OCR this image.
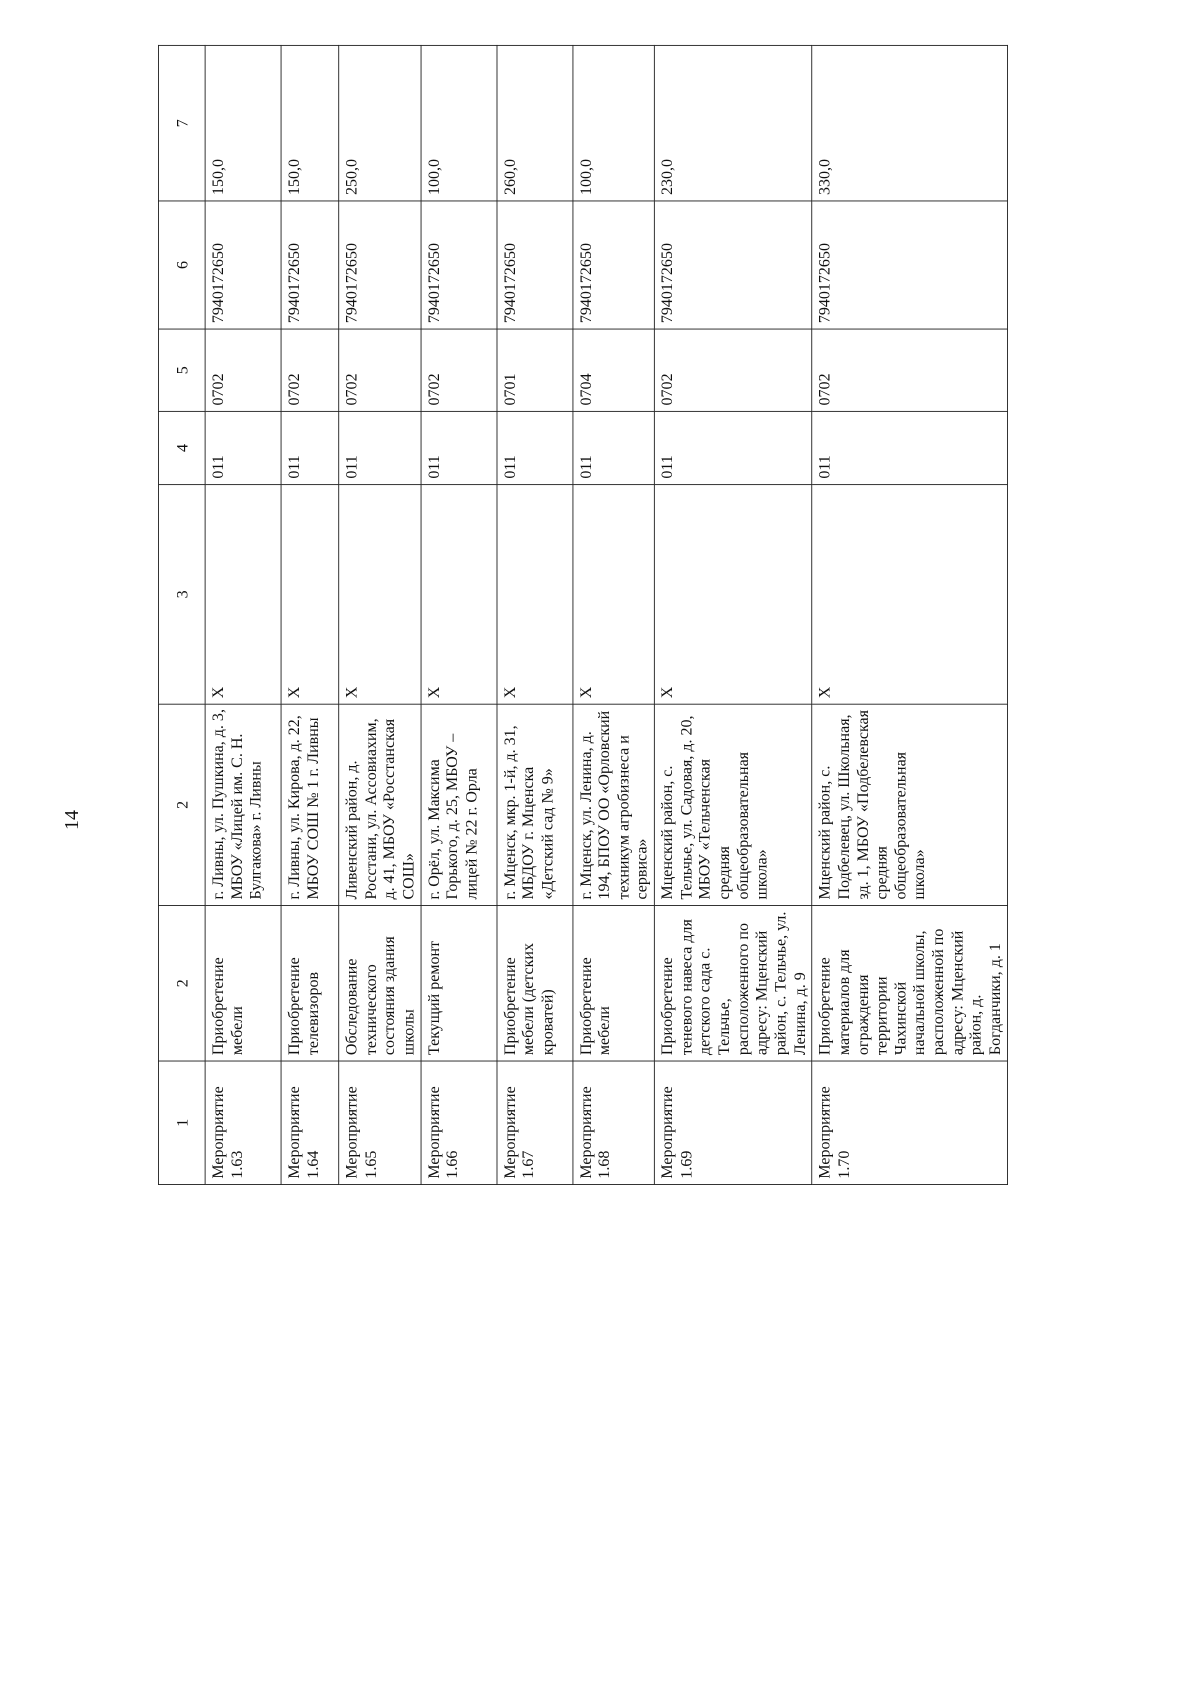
14
1	2	2	3	4	5	6	7
Мероприятие 1.63	Приобретение мебели	г. Ливны, ул. Пушкина, д. 3, МБОУ «Лицей им. С. Н. Булгакова» г. Ливны	X	011	0702	7940172650	150,0
Мероприятие 1.64	Приобретение телевизоров	г. Ливны, ул. Кирова, д. 22, МБОУ СОШ № 1 г. Ливны	X	011	0702	7940172650	150,0
Мероприятие 1.65	Обследование технического состояния здания школы	Ливенский район, д. Росстани, ул. Ассовиахим, д. 41, МБОУ «Росстанская СОШ»	X	011	0702	7940172650	250,0
Мероприятие 1.66	Текущий ремонт	г. Орёл, ул. Максима Горького, д. 25, МБОУ – лицей № 22 г. Орла	X	011	0702	7940172650	100,0
Мероприятие 1.67	Приобретение мебели (детских кроватей)	г. Мценск, мкр. 1-й, д. 31, МБДОУ г. Мценска «Детский сад № 9»	X	011	0701	7940172650	260,0
Мероприятие 1.68	Приобретение мебели	г. Мценск, ул. Ленина, д. 194, БПОУ ОО «Орловский техникум агробизнеса и сервиса»	X	011	0704	7940172650	100,0
Мероприятие 1.69	Приобретение теневого навеса для детского сада с. Тельчье, расположенного по адресу: Мценский район, с. Тельчье, ул. Ленина, д. 9	Мценский район, с. Тельчье, ул. Садовая, д. 20, МБОУ «Тельченская средняя общеобразовательная школа»	X	011	0702	7940172650	230,0
Мероприятие 1.70	Приобретение материалов для ограждения территории Чахинской начальной школы, расположенной по адресу: Мценский район, д. Богданчики, д. 1	Мценский район, с. Подбелевец, ул. Школьная, зд. 1, МБОУ «Подбелевская средняя общеобразовательная школа»	X	011	0702	7940172650	330,0
